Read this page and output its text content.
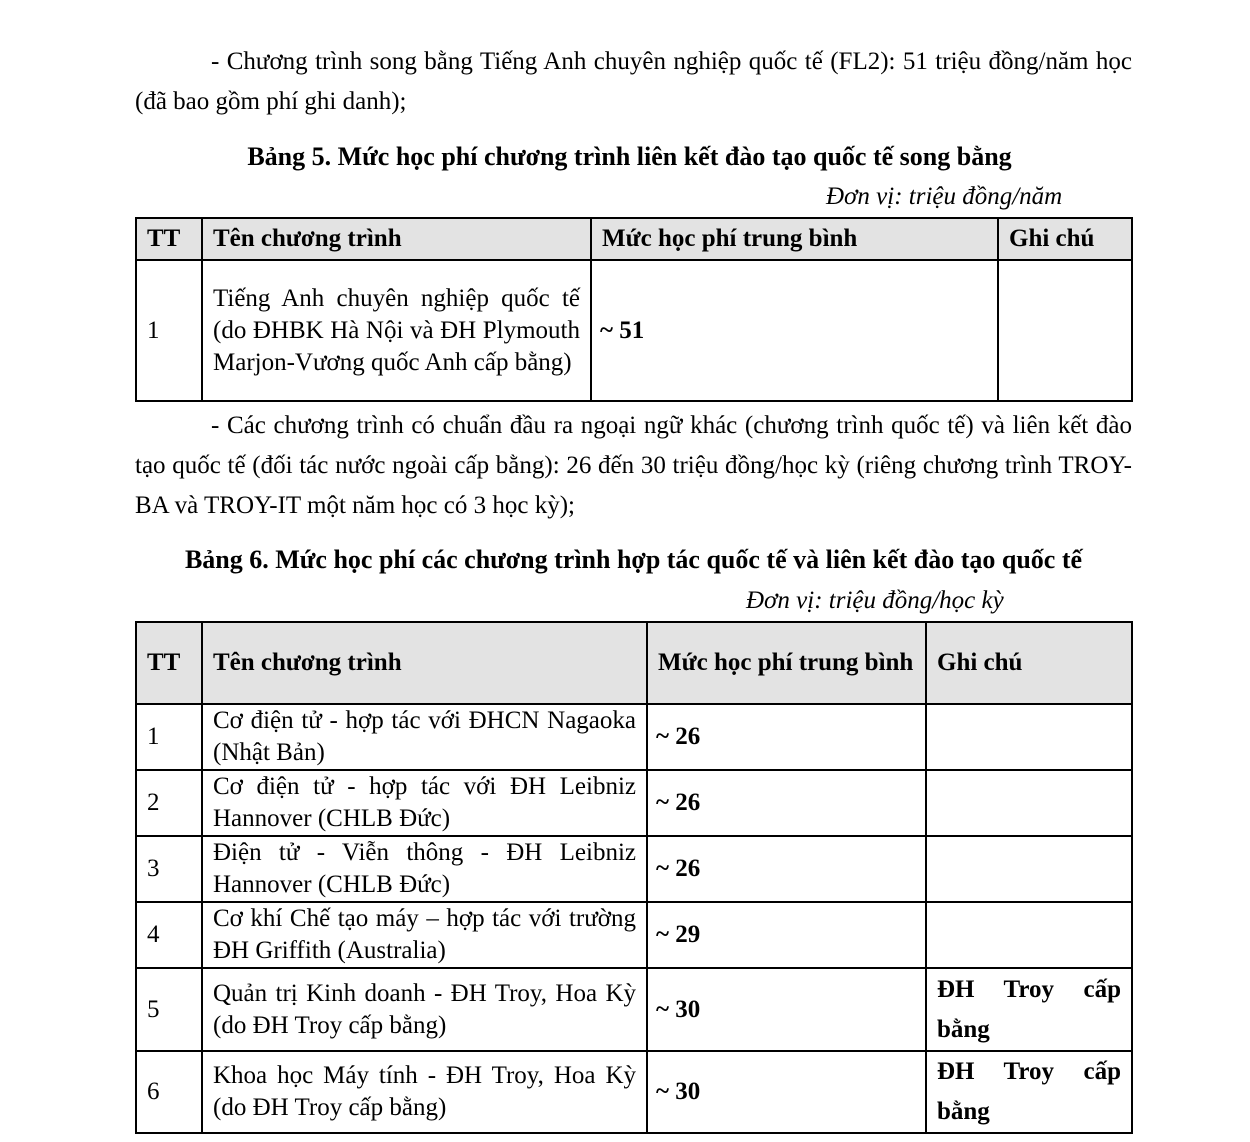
- Chương trình song bằng Tiếng Anh chuyên nghiệp quốc tế (FL2): 51 triệu đồng/năm học (đã bao gồm phí ghi danh);
Bảng 5. Mức học phí chương trình liên kết đào tạo quốc tế song bằng
Đơn vị: triệu đồng/năm
TT	Tên chương trình	Mức học phí trung bình	Ghi chú
1	Tiếng Anh chuyên nghiệp quốc tế (do ĐHBK Hà Nội và ĐH Plymouth Marjon-Vương quốc Anh cấp bằng)	~ 51	
- Các chương trình có chuẩn đầu ra ngoại ngữ khác (chương trình quốc tế) và liên kết đào tạo quốc tế (đối tác nước ngoài cấp bằng): 26 đến 30 triệu đồng/học kỳ (riêng chương trình TROY-BA và TROY-IT một năm học có 3 học kỳ);
Bảng 6. Mức học phí các chương trình hợp tác quốc tế và liên kết đào tạo quốc tế
Đơn vị: triệu đồng/học kỳ
TT	Tên chương trình	Mức học phí trung bình	Ghi chú
1	Cơ điện tử - hợp tác với ĐHCN Nagaoka (Nhật Bản)	~ 26	
2	Cơ điện tử - hợp tác với ĐH Leibniz Hannover (CHLB Đức)	~ 26	
3	Điện tử - Viễn thông - ĐH Leibniz Hannover (CHLB Đức)	~ 26	
4	Cơ khí Chế tạo máy – hợp tác với trường ĐH Griffith (Australia)	~ 29	
5	Quản trị Kinh doanh - ĐH Troy, Hoa Kỳ (do ĐH Troy cấp bằng)	~ 30	ĐH Troy cấp bằng
6	Khoa học Máy tính - ĐH Troy, Hoa Kỳ (do ĐH Troy cấp bằng)	~ 30	ĐH Troy cấp bằng
